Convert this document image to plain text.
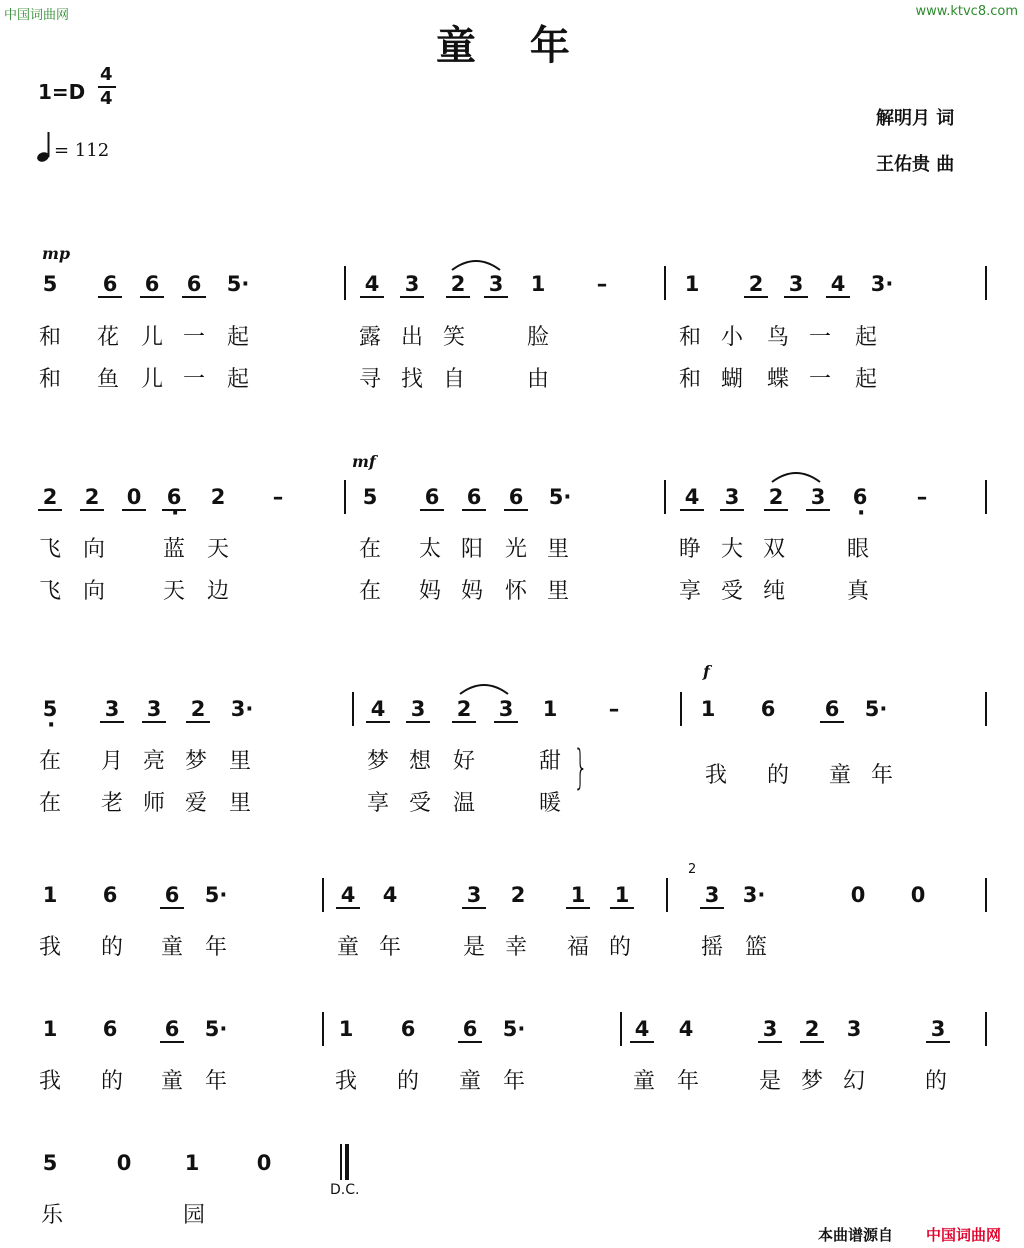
中国词曲网	www.ktvc8.com
童 年
1=D
4
4
= 112
解明月 词
王佑贵 曲
mp
mf
f
}
D.C.
本曲谱源自 中国词曲网
5 6 6 6 5·	4 3 2 3 1	–	1 2 3 4 3·
和 花 儿 一 起	露 出 笑	脸	和 小 鸟 一 起
和 鱼 儿 一 起	寻 找 自	由	和 蝴 蝶 一 起
2 2 0 6 · 2	–	5 6 6 6 5·	4 3 2 3 6 ·	–
飞 向	蓝 天	在 太 阳 光 里	睁 大 双	眼
飞 向	天 边	在 妈 妈 怀 里	享 受 纯	真
5 · 3 3 2 3·	4 3 2 3 1	–	1 6 6 5·
在 月 亮 梦 里	梦 想 好	甜
在 老 师 爱 里	享 受 温	暖
我 的 童 年
1 6 6 5·	4 4	3 2 1 1	3 3·	0 0
我 的 童 年	童 年	是 幸 福 的	摇 篮
2
1 6 6 5·	1 6 6 5·	4 4	3 2 3	3
我 的 童 年	我 的 童 年	童 年	是 梦 幻	的
5	0	1	0
乐	园
